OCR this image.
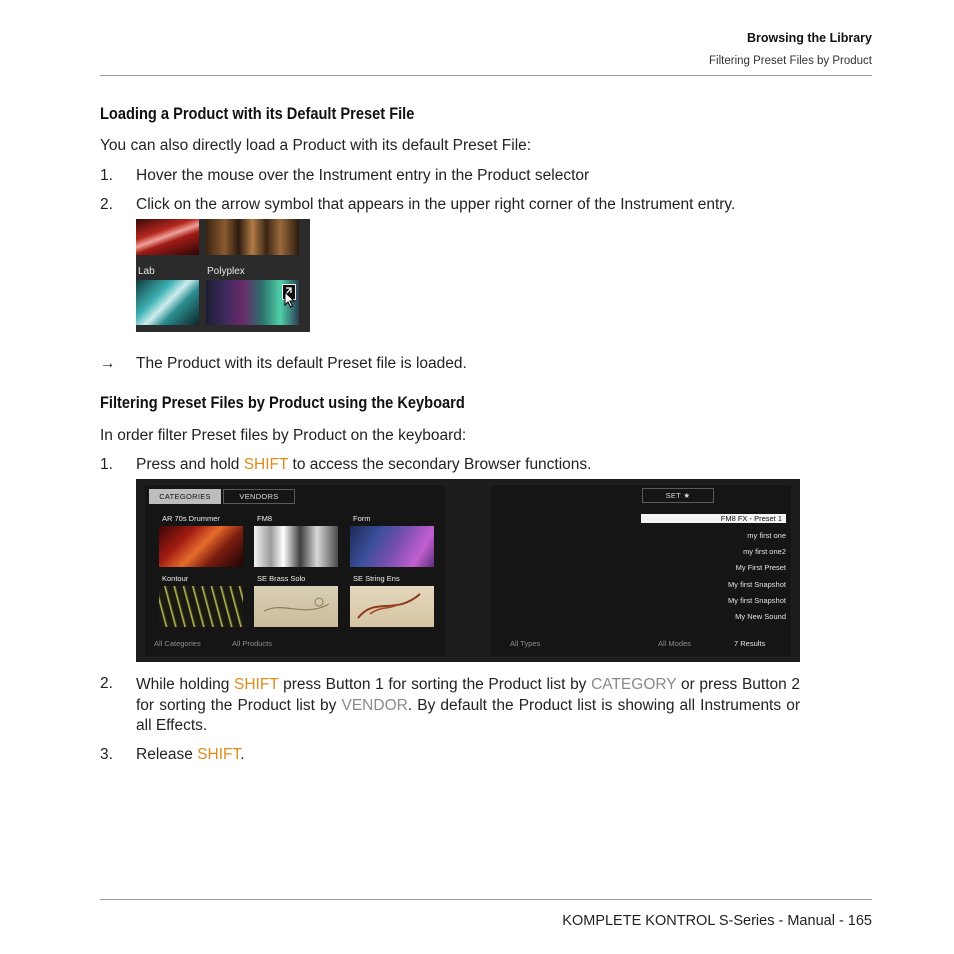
Browsing the Library
Filtering Preset Files by Product
Loading a Product with its Default Preset File
You can also directly load a Product with its default Preset File:
1. Hover the mouse over the Instrument entry in the Product selector
2. Click on the arrow symbol that appears in the upper right corner of the Instrument entry.
Lab	Polyplex
→ The Product with its default Preset file is loaded.
Filtering Preset Files by Product using the Keyboard
In order filter Preset files by Product on the keyboard:
1. Press and hold SHIFT to access the secondary Browser functions.
CATEGORIES	VENDORS
AR 70s Drummer	FM8	Form
Kontour	SE Brass Solo	SE String Ens
All Categories	All Products
SET ★
FM8 FX - Preset 1
my first one
my first one2
My First Preset
My first Snapshot
My first Snapshot
My New Sound
All Types	All Modes	7 Results
2. While holding SHIFT press Button 1 for sorting the Product list by CATEGORY or press Button 2 for sorting the Product list by VENDOR. By default the Product list is showing all Instruments or all Effects.
3. Release SHIFT.
KOMPLETE KONTROL S-Series - Manual - 165
